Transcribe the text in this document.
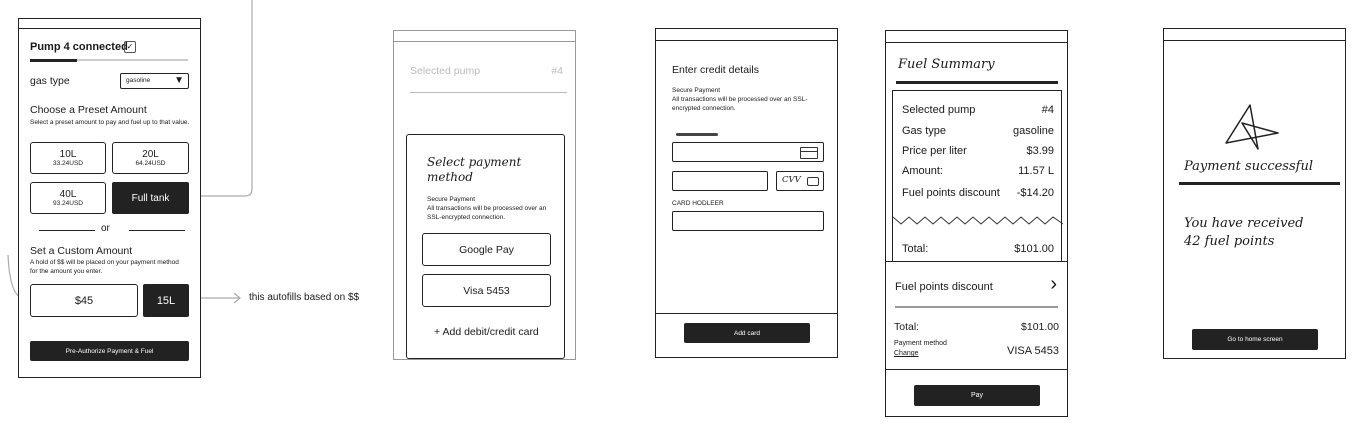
this autofills based on $$
Pump 4 connected
✓
gas type	gasoline ▼
Choose a Preset Amount
Select a preset amount to pay and fuel up to that value.
10L
33.24USD
20L
64.24USD
40L
93.24USD	Full tank
or
Set a Custom Amount
A hold of $$ will be placed on your payment method for the amount you enter.
$45	15L
Pre-Authorize Payment & Fuel
Selected pump	#4
Select payment method
Secure Payment
All transactions will be processed over an SSL-encrypted connection.
Google Pay
Visa 5453
+ Add debit/credit card
Enter credit details
Secure Payment
All transactions will be processed over an SSL-encrypted connection.
CVV
CARD HODLEER
Add card
Fuel Summary
Selected pump	#4
Gas type	gasoline
Price per liter	$3.99
Amount:	11.57 L
Fuel points discount -$14.20
Total:	$101.00
Fuel points discount	›
Total:	$101.00
Payment method
Change	VISA 5453
Pay
Payment successful
You have received 42 fuel points
Go to home screen
